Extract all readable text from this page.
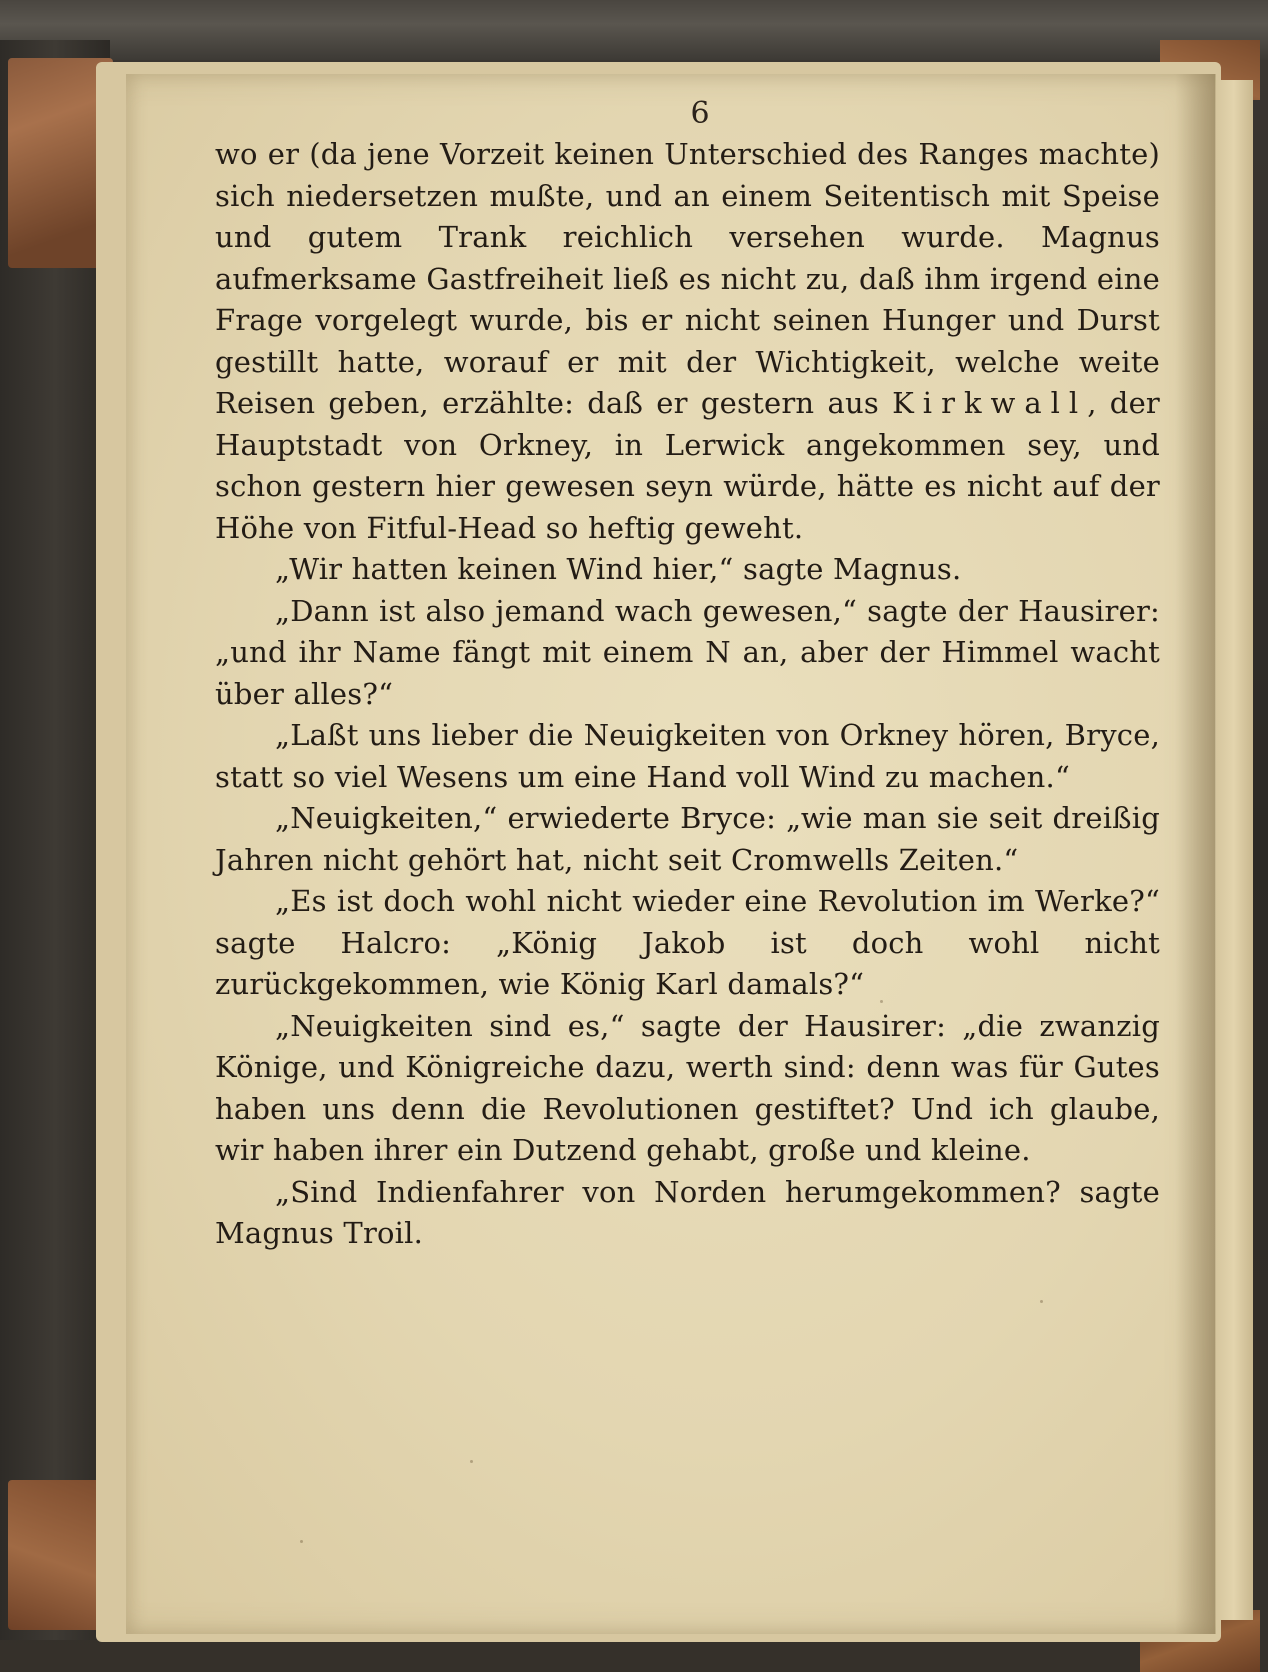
6

wo er (da jene Vorzeit keinen Unterschied des Ranges machte) sich niedersetzen mußte, und an einem Seitentisch mit Speise und gutem Trank reichlich versehen wurde. Magnus aufmerksame Gastfreiheit ließ es nicht zu, daß ihm irgend eine Frage vorgelegt wurde, bis er nicht seinen Hunger und Durst gestillt hatte, worauf er mit der Wichtigkeit, welche weite Reisen geben, erzählte: daß er gestern aus Kirkwall, der Hauptstadt von Orkney, in Lerwick angekommen sey, und schon gestern hier gewesen seyn würde, hätte es nicht auf der Höhe von Fitful-Head so heftig geweht.

„Wir hatten keinen Wind hier,“ sagte Magnus.

„Dann ist also jemand wach gewesen,“ sagte der Hausirer: „und ihr Name fängt mit einem N an, aber der Himmel wacht über alles?“

„Laßt uns lieber die Neuigkeiten von Orkney hören, Bryce, statt so viel Wesens um eine Hand voll Wind zu machen.“

„Neuigkeiten,“ erwiederte Bryce: „wie man sie seit dreißig Jahren nicht gehört hat, nicht seit Cromwells Zeiten.“

„Es ist doch wohl nicht wieder eine Revolution im Werke?“ sagte Halcro: „König Jakob ist doch wohl nicht zurückgekommen, wie König Karl damals?“

„Neuigkeiten sind es,“ sagte der Hausirer: „die zwanzig Könige, und Königreiche dazu, werth sind: denn was für Gutes haben uns denn die Revolutionen gestiftet? Und ich glaube, wir haben ihrer ein Dutzend gehabt, große und kleine.

„Sind Indienfahrer von Norden herumgekommen? sagte Magnus Troil.
